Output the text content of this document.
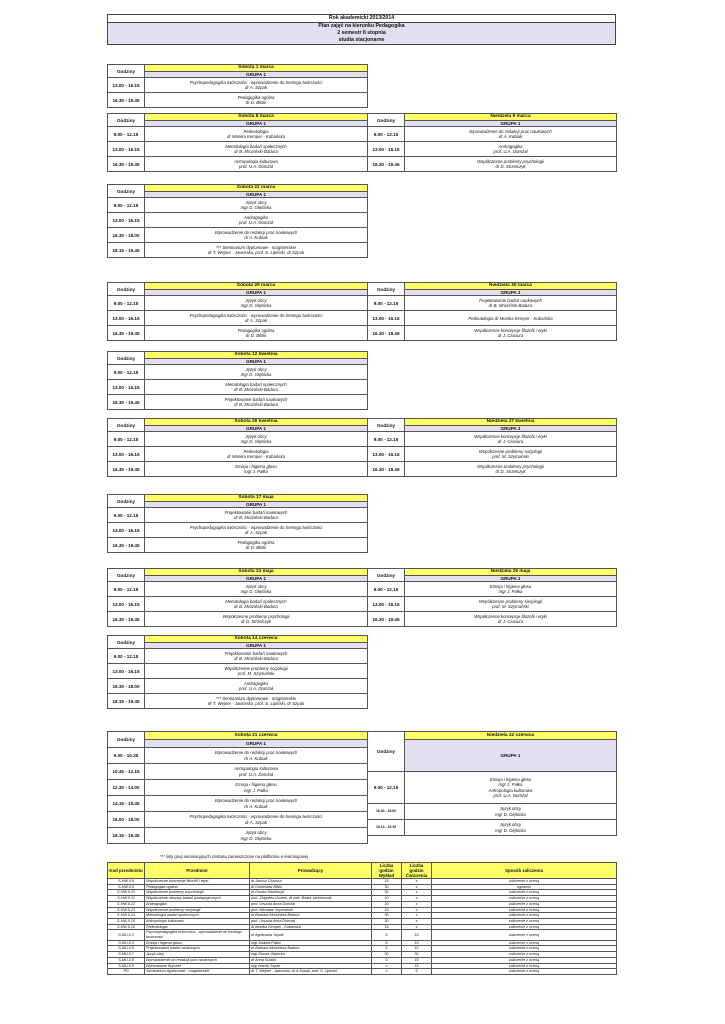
Rok akademicki 2013/2014
Plan zajęć na kierunku Pedagogika
2 semestr II stopnia
studia stacjonarne
Godziny	Sobota 1 marca
	GRUPA 1
13.00 - 16.15	Psychopedagogika twórczości - wprowadzenie do treningu twórczości
dr A. Szpak
16.30 - 19.45	Pedagogika ogólna
dr D. Bilski
Godziny	Sobota 8 marca
	GRUPA 1
9.00 - 12.15	Pedeutologia
dr Monika Kemper - Kubańska
13.00 - 16.15	Metodologia badań społecznych
dr B. Mroziński-Badura
16.30 - 19.45	Antropologia kulturowa
prof. U.A. Domżał
Godziny	Niedziela 9 marca
	GRUPA 1
9.00 - 12.15	Wprowadzenie do redakcji prac naukowych
dr A. Kubiak
13.00 - 16.15	Andragogika
prof. U.A. Domżał
16.30 - 19.45	Współczesne problemy psychologii
dr D. Strzelczyk
Godziny	Sobota 22 marca
	GRUPA 1
9.00 - 12.15	Język obcy
mgr D. Głębicka
13.00 - 16.15	Andragogika
prof. U.A. Domżał
16.30 - 18.00	Wprowadzenie do redakcji prac naukowych
dr A. Kubiak
18.15 - 19.45	*** Seminarium dyplomowe - magisterskie
dr T. Wejner - Jaworska, prof. S. Lipiński, dr Szpak
Godziny	Sobota 29 marca
	GRUPA 1
9.00 - 12.15	Język obcy
mgr D. Głębicka
13.00 - 16.15	Psychopedagogika twórczości - wprowadzenie do treningu twórczości
dr A. Szpak
16.30 - 19.45	Pedagogika ogólna
dr D. Bilski
Godziny	Niedziela 30 marca
	GRUPA 1
9.00 - 12.15	Projektowanie badań naukowych
dr B. Mroziński-Badura
13.00 - 16.15	Pedeutologia dr Monika Kemper - Kubańska
16.30 - 19.45	Współczesne koncepcje filozofii i etyki
dr J. Ciuciura
Godziny	Sobota 12 kwietnia
	GRUPA 1
9.00 - 12.15	Język obcy
mgr D. Głębicka
13.00 - 16.15	Metodologia badań społecznych
dr B. Mroziński-Badura
16.30 - 19.45	Projektowanie badań naukowych
dr B. Mroziński-Badura
Godziny	Sobota 26 kwietnia
	GRUPA 1
9.00 - 12.15	Język obcy
mgr D. Głębicka
13.00 - 16.15	Pedeutologia
dr Monika Kemper - Kubańska
16.30 - 19.45	Emisja i higiena głosu
mgr J. Pałka
Godziny	Niedziela 27 kwietnia
	GRUPA 1
9.00 - 12.15	Współczesne koncepcje filozofii i etyki
dr J. Ciuciura
13.00 - 16.15	Współczesne problemy socjologii
prof. M. Szymański
16.30 - 19.45	Współczesne problemy psychologii
dr D. Strzelczyk
Godziny	Sobota 17 maja
	GRUPA 1
9.00 - 12.15	Projektowanie badań naukowych
dr B. Mroziński-Badura
13.00 - 16.15	Psychopedagogika twórczości - wprowadzenie do treningu twórczości
dr A. Szpak
16.30 - 19.45	Pedagogika ogólna
dr D. Bilski
Godziny	Sobota 24 maja
	GRUPA 1
9.00 - 12.15	Język obcy
mgr D. Głębicka
13.00 - 16.15	Metodologia badań społecznych
dr B. Mroziński-Badura
16.30 - 19.45	Współczesne problemy psychologii
dr D. Strzelczyk
Godziny	Niedziela 25 maja
	GRUPA 1
9.00 - 12.15	Emisja i higiena głosu
mgr J. Pałka
13.00 - 16.15	Współczesne problemy socjologii
prof. M. Szymański
16.30 - 19.45	Współczesne koncepcje filozofii i etyki
dr J. Ciuciura
Godziny	Sobota 14 czerwca
	GRUPA 1
9.00 - 12.15	Projektowanie badań naukowych
dr B. Mroziński-Badura
13.00 - 16.15	Współczesne problemy socjologii
prof. M. Szymański
16.30 - 18.00	Andragogika
prof. U.A. Domżał
18.15 - 19.45	*** Seminarium dyplomowe - magisterskie
dr T. Wejner - Jaworska, prof. S. Lipiński, dr Szpak
Godziny	Sobota 21 czerwca
	GRUPA 1
9.00 - 10.30	Wprowadzenie do redakcji prac naukowych
dr A. Kubiak
10.45 - 12.15	Antropologia kulturowa
prof. U.A. Domżał
12.30 - 14.00	Emisja i higiena głosu
mgr J. Pałka
14.15 - 15.45	Wprowadzenie do redakcji prac naukowych
dr A. Kubiak
16.00 - 18.00	Psychopedagogika twórczości - wprowadzenie do treningu twórczości
dr A. Szpak
18.15 - 19.45	Język obcy
mgr D. Głębicka
Godziny	Niedziela 22 czerwca
	GRUPA 1
9.00 - 12.15	Emisja i higiena głosu
mgr J. Pałka
Antropologia kulturowa
prof. U.A. Domżał
16.30 - 18.00	Język obcy
mgr D. Głębicka
18.15 - 19.45	Język obcy
mgr D. Głębicka
*** listy grup seminaryjnych zostaną zamieszczone na platformie e-learningowej
Kod przedmiotu	Przedmiot	Prowadzący	Liczba godzin Wykład	Liczba godzin Ćwiczenia	Sposób zaliczenia
S-HW.II.9	Współczesne koncepcje filozofii i etyki	dr Janusz Ciuciura	15	x	zaliczenie z oceną
S-HW.II.9	Pedagogika ogólna	dr Dobiesław Bilski	30	x	egzamin
S-HW.II.10	Współczesne problemy psychologii	dr Dorota Strzelczyk	30	x	zaliczenie z oceną
S-HW.II.11	Współczesne obszary badań pedagogicznych	prof. Zbigniew Gontek, dr hab. Beata Jachimczak	10	x	zaliczenie z oceną
S-HW.II.12	Andragogika	prof. Urszula Anna Domżał	30	x	zaliczenie z oceną
S-HW.II.13	Współczesne problemy socjologii	prof. Mirosław Szymański	15	x	zaliczenie z oceną
S-HW.II.14	Metodologia badań społecznych	dr Barbara Mrozińska-Badura	30	x	zaliczenie z oceną
S-HW.II.15	Antropologia kulturowa	prof. Urszula Anna Domżał	30	x	zaliczenie z oceną
S-HW.II.16	Pedeutologia	dr Monika Kemper - Kubańska	15	x	zaliczenie z oceną
S-MU.II.3	Psychopedagogika twórczości - wprowadzenie do treningu twórczości	dr Agnieszka Szpak	5	15	zaliczenie z oceną
S-MU.II.4	Emisja i higiena głosu	mgr Jolanta Pałka	5	15	zaliczenie z oceną
S-MU.II.5	Projektowanie badań naukowych	dr Barbara Mrozińska-Badura	5	10	zaliczenie z oceną
S-MU.II.7	Język obcy	mgr Dorota Głębicka	30	30	zaliczenie z oceną
S-MU.II.8	Wprowadzenie do redakcji prac naukowych	dr Anna Kubiak	5	15	zaliczenie z oceną
S-MU.II.9	Wychowanie fizyczne	mgr Maciej Szpak	x	15	zaliczenie z oceną
PD	Seminarium dyplomowe - magisterskie	dr T. Wejner - Jaworska, dr A.Szpak, prof. S. Lipiński	x	5	zaliczenie z oceną
